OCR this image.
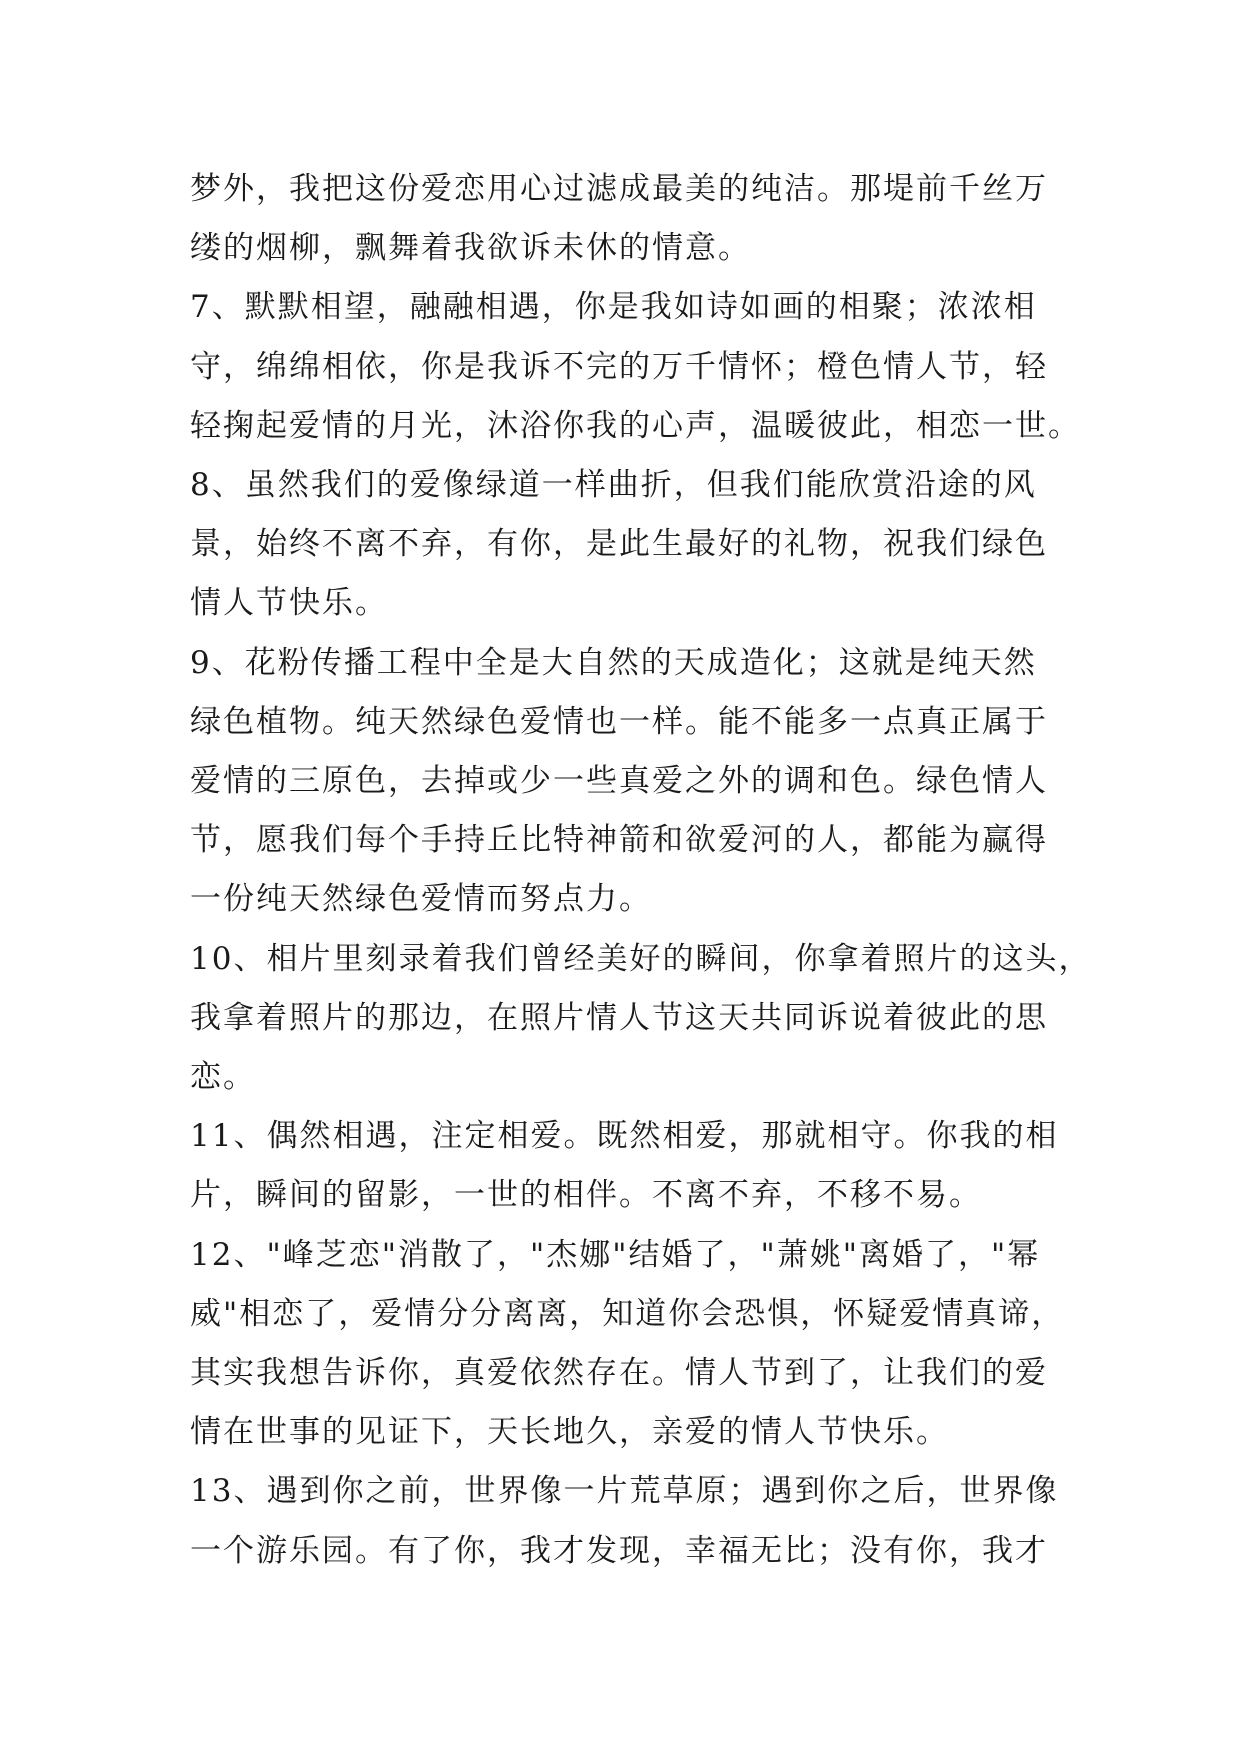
梦外，我把这份爱恋用心过滤成最美的纯洁。那堤前千丝万
缕的烟柳，飘舞着我欲诉未休的情意。
7、默默相望，融融相遇，你是我如诗如画的相聚；浓浓相
守，绵绵相依，你是我诉不完的万千情怀；橙色情人节，轻
轻掬起爱情的月光，沐浴你我的心声，温暖彼此，相恋一世。
8、虽然我们的爱像绿道一样曲折，但我们能欣赏沿途的风
景，始终不离不弃，有你，是此生最好的礼物，祝我们绿色
情人节快乐。
9、花粉传播工程中全是大自然的天成造化；这就是纯天然
绿色植物。纯天然绿色爱情也一样。能不能多一点真正属于
爱情的三原色，去掉或少一些真爱之外的调和色。绿色情人
节，愿我们每个手持丘比特神箭和欲爱河的人，都能为赢得
一份纯天然绿色爱情而努点力。
10、相片里刻录着我们曾经美好的瞬间，你拿着照片的这头，
我拿着照片的那边，在照片情人节这天共同诉说着彼此的思
恋。
11、偶然相遇，注定相爱。既然相爱，那就相守。你我的相
片，瞬间的留影，一世的相伴。不离不弃，不移不易。
12、"峰芝恋"消散了，"杰娜"结婚了，"萧姚"离婚了，"幂
威"相恋了，爱情分分离离，知道你会恐惧，怀疑爱情真谛，
其实我想告诉你，真爱依然存在。情人节到了，让我们的爱
情在世事的见证下，天长地久，亲爱的情人节快乐。
13、遇到你之前，世界像一片荒草原；遇到你之后，世界像
一个游乐园。有了你，我才发现，幸福无比；没有你，我才
